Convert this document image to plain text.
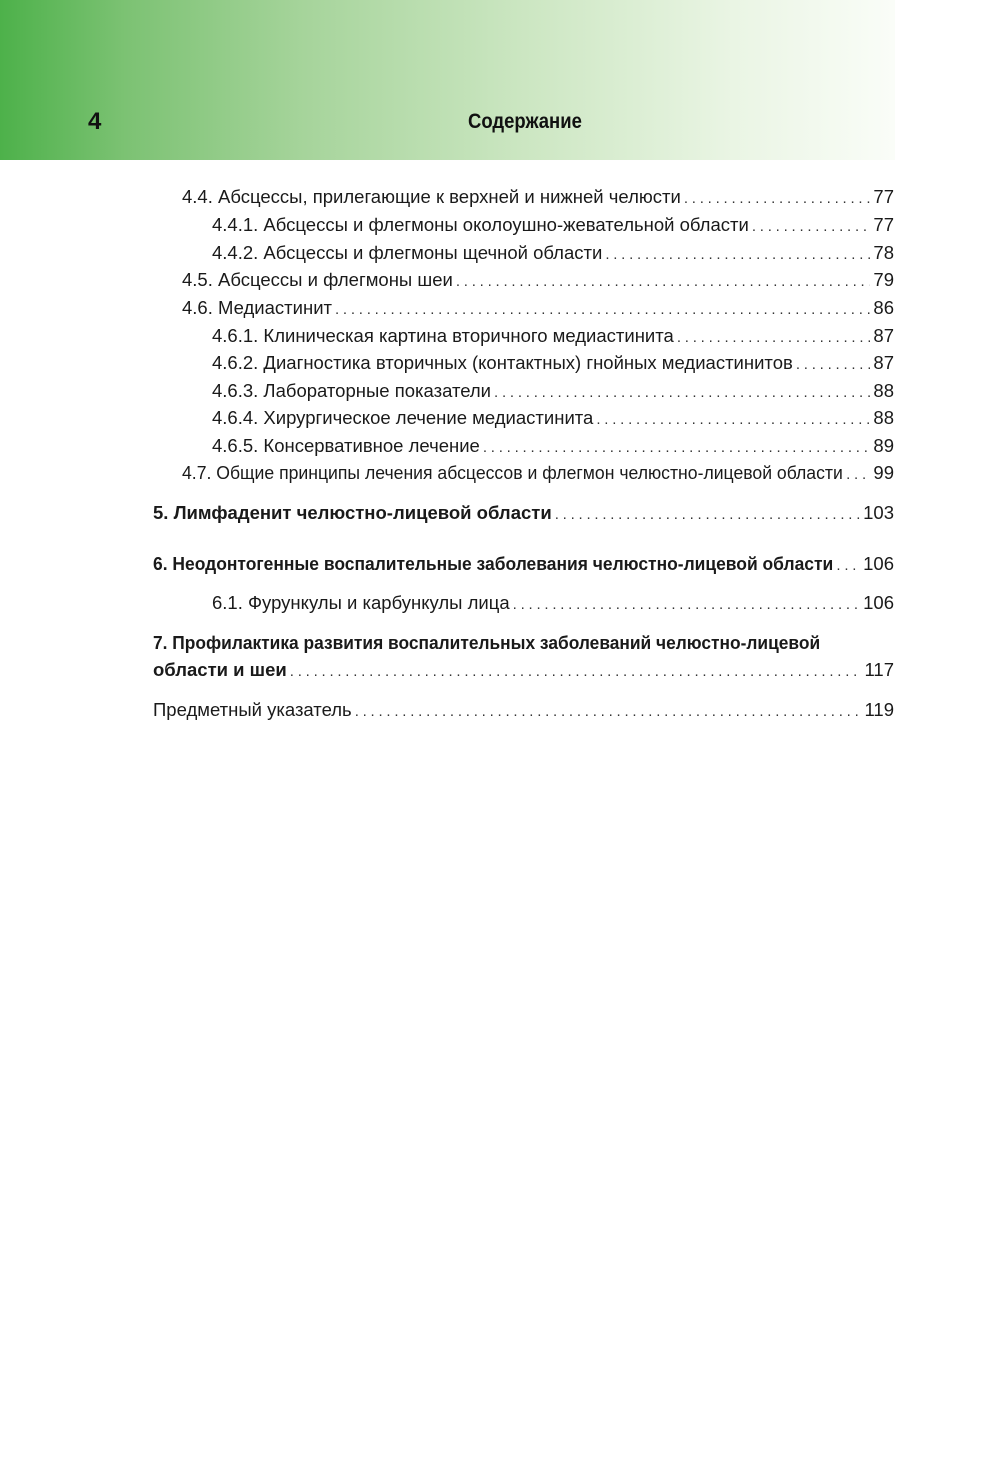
4	Содержание
4.4. Абсцессы, прилегающие к верхней и нижней челюсти . . .	77
4.4.1. Абсцессы и флегмоны околоушно-жевательной области . . .	77
4.4.2. Абсцессы и флегмоны щечной области . . .	78
4.5. Абсцессы и флегмоны шеи . . .	79
4.6. Медиастинит . . .	86
4.6.1. Клиническая картина вторичного медиастинита . . .	87
4.6.2. Диагностика вторичных (контактных) гнойных медиастинитов . . .	87
4.6.3. Лабораторные показатели . . .	88
4.6.4. Хирургическое лечение медиастинита . . .	88
4.6.5. Консервативное лечение . . .	89
4.7. Общие принципы лечения абсцессов и флегмон челюстно-лицевой области . . . 99
5. Лимфаденит челюстно-лицевой области . . .	103
6. Неодонтогенные воспалительные заболевания челюстно-лицевой области . . . 106
6.1. Фурункулы и карбункулы лица . . .	106
7. Профилактика развития воспалительных заболеваний челюстно-лицевой
области и шеи . . .	117
Предметный указатель . . .	119
